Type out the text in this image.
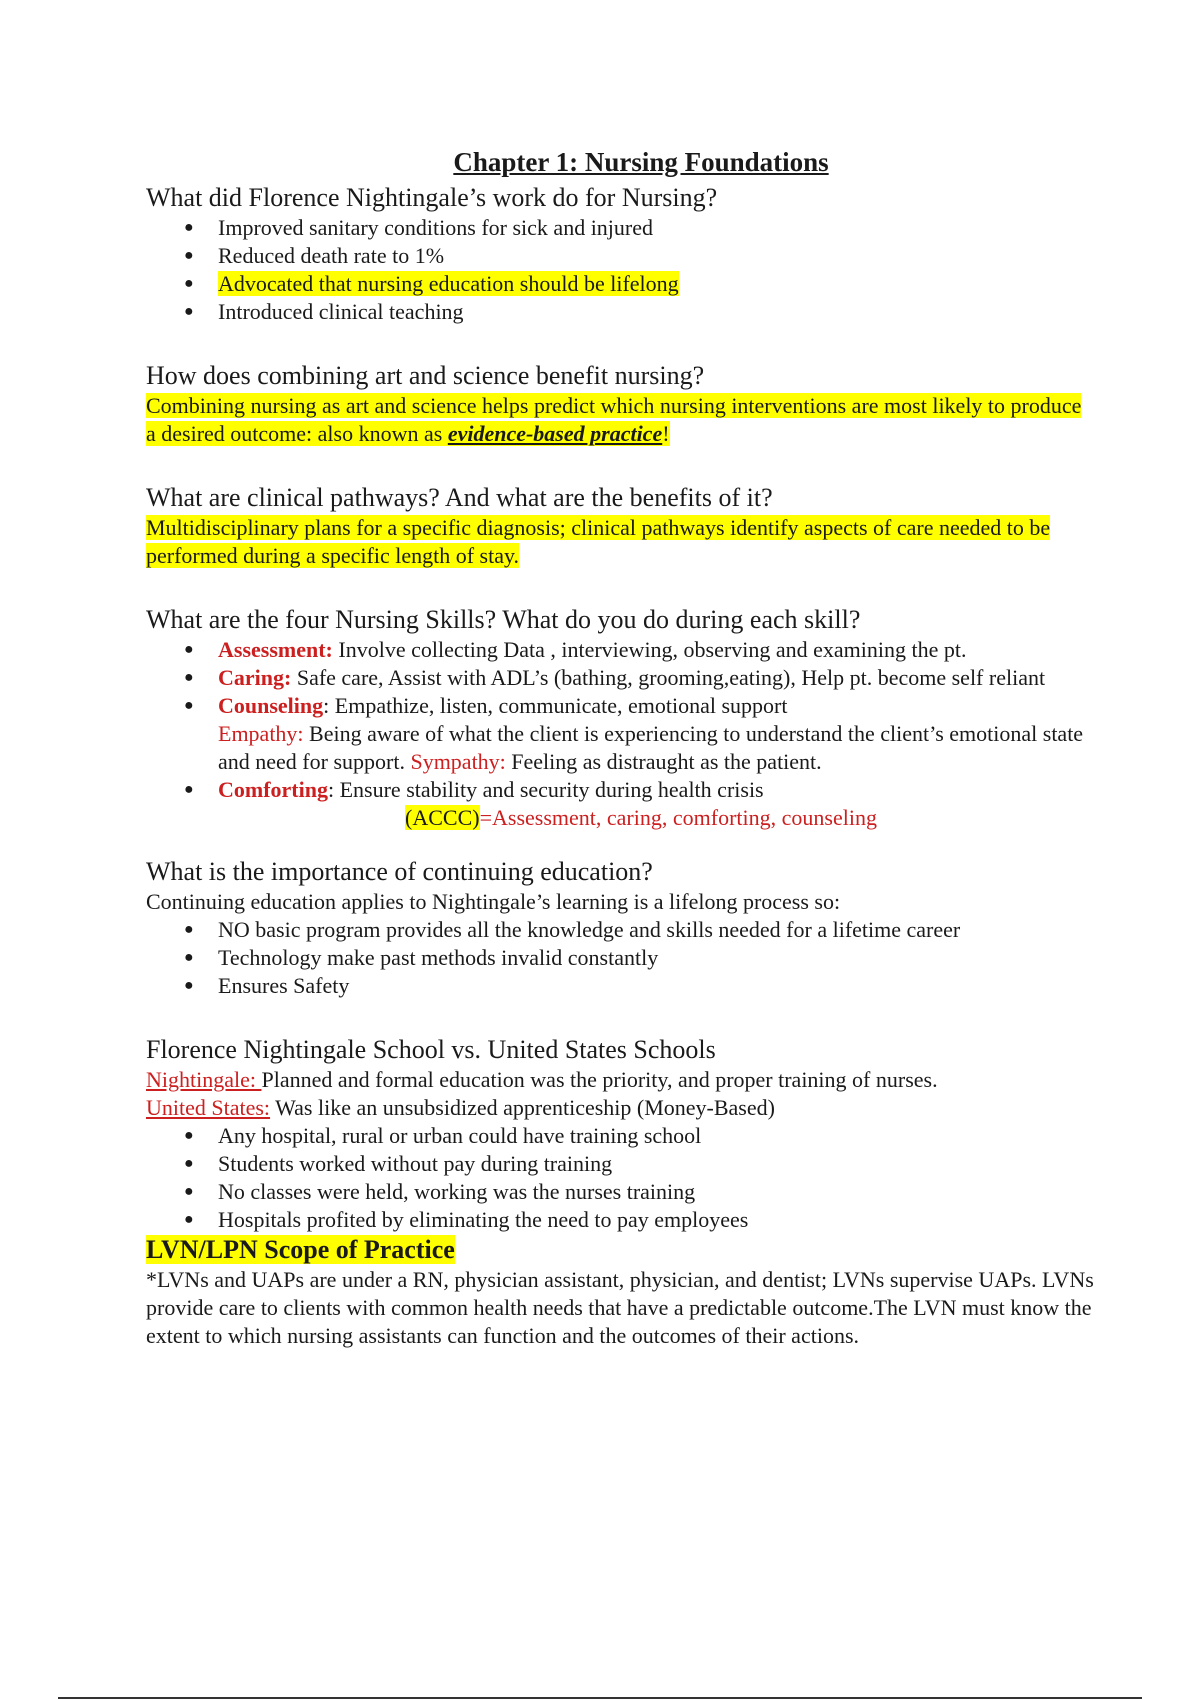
Chapter 1: Nursing Foundations

What did Florence Nightingale’s work do for Nursing?

● Improved sanitary conditions for sick and injured
● Reduced death rate to 1%
● Advocated that nursing education should be lifelong
● Introduced clinical teaching

How does combining art and science benefit nursing?

Combining nursing as art and science helps predict which nursing interventions are most likely to produce a desired outcome: also known as evidence-based practice!

What are clinical pathways? And what are the benefits of it?

Multidisciplinary plans for a specific diagnosis; clinical pathways identify aspects of care needed to be performed during a specific length of stay.

What are the four Nursing Skills? What do you do during each skill?

● Assessment: Involve collecting Data , interviewing, observing and examining the pt.
● Caring: Safe care, Assist with ADL’s (bathing, grooming,eating), Help pt. become self reliant
● Counseling: Empathize, listen, communicate, emotional support
Empathy: Being aware of what the client is experiencing to understand the client’s emotional state and need for support. Sympathy: Feeling as distraught as the patient.
● Comforting: Ensure stability and security during health crisis
(ACCC)=Assessment, caring, comforting, counseling

What is the importance of continuing education?

Continuing education applies to Nightingale’s learning is a lifelong process so:

● NO basic program provides all the knowledge and skills needed for a lifetime career
● Technology make past methods invalid constantly
● Ensures Safety

Florence Nightingale School vs. United States Schools

Nightingale: Planned and formal education was the priority, and proper training of nurses.

United States: Was like an unsubsidized apprenticeship (Money-Based)

● Any hospital, rural or urban could have training school
● Students worked without pay during training
● No classes were held, working was the nurses training
● Hospitals profited by eliminating the need to pay employees
LVN/LPN Scope of Practice

*LVNs and UAPs are under a RN, physician assistant, physician, and dentist; LVNs supervise UAPs. LVNs provide care to clients with common health needs that have a predictable outcome.The LVN must know the extent to which nursing assistants can function and the outcomes of their actions.
